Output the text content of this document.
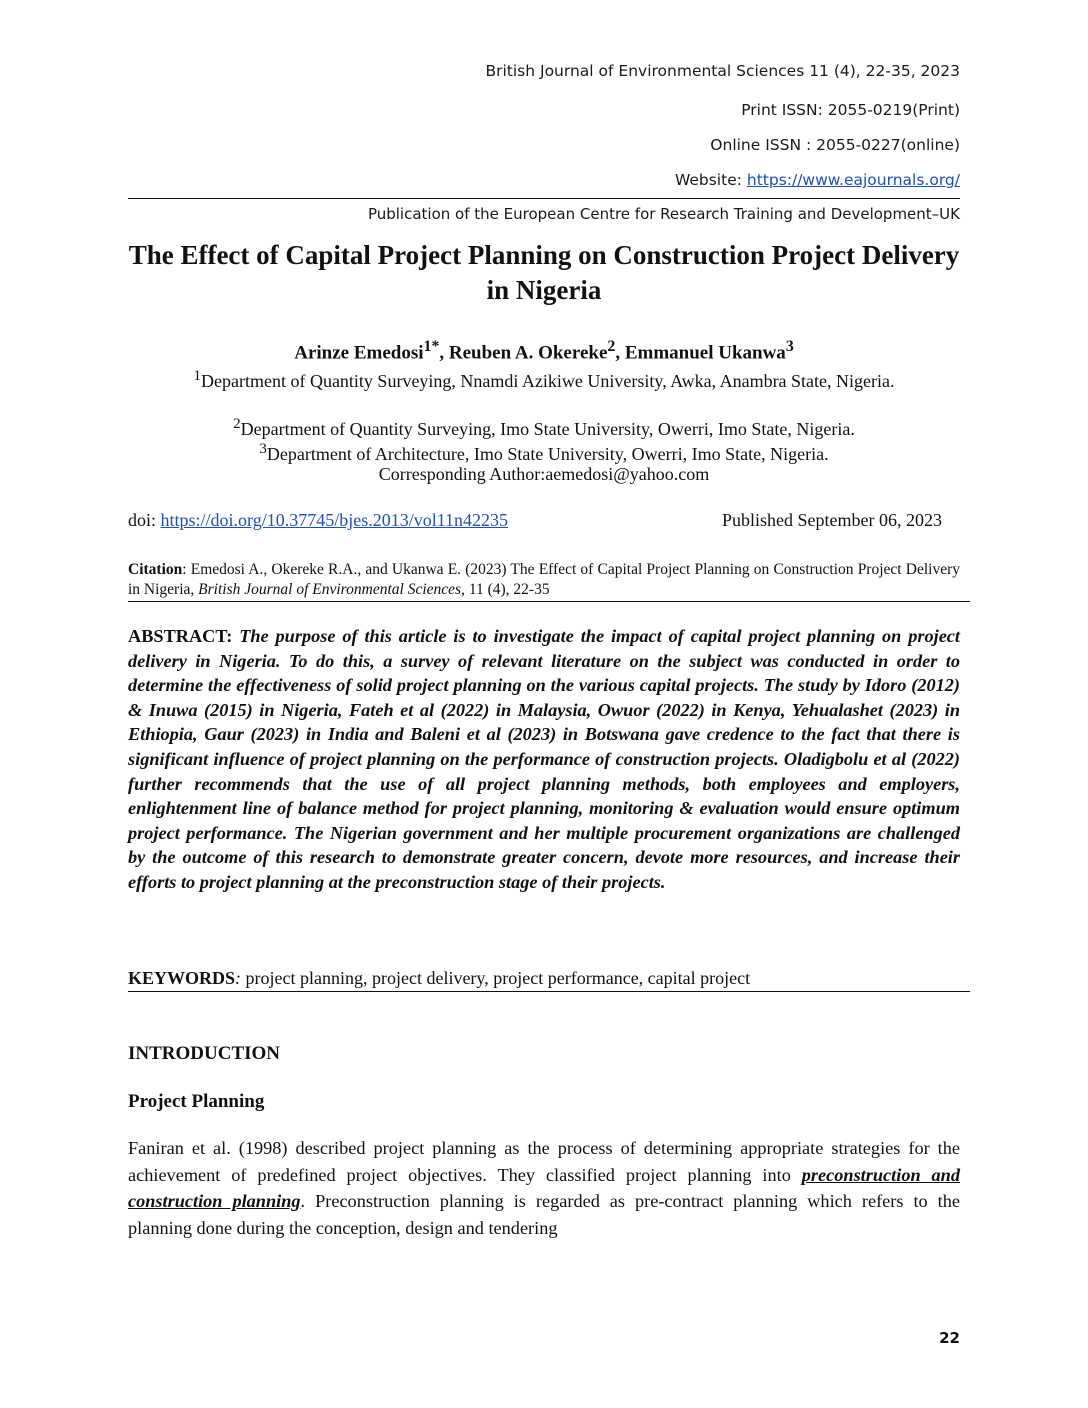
British Journal of Environmental Sciences 11 (4), 22-35, 2023
Print ISSN: 2055-0219(Print)
Online ISSN : 2055-0227(online)
Website: https://www.eajournals.org/
Publication of the European Centre for Research Training and Development–UK
The Effect of Capital Project Planning on Construction Project Delivery in Nigeria
Arinze Emedosi$^{1*}$, Reuben A. Okereke$^2$, Emmanuel Ukanwa$^3$
$^1$Department of Quantity Surveying, Nnamdi Azikiwe University, Awka, Anambra State, Nigeria.
$^2$Department of Quantity Surveying, Imo State University, Owerri, Imo State, Nigeria.
$^3$Department of Architecture, Imo State University, Owerri, Imo State, Nigeria.
Corresponding Author:aemedosi@yahoo.com
doi: https://doi.org/10.37745/bjes.2013/vol11n42235	Published September 06, 2023
Citation: Emedosi A., Okereke R.A., and Ukanwa E. (2023) The Effect of Capital Project Planning on Construction Project Delivery in Nigeria, British Journal of Environmental Sciences, 11 (4), 22-35
ABSTRACT: The purpose of this article is to investigate the impact of capital project planning on project delivery in Nigeria. To do this, a survey of relevant literature on the subject was conducted in order to determine the effectiveness of solid project planning on the various capital projects. The study by Idoro (2012) & Inuwa (2015) in Nigeria, Fateh et al (2022) in Malaysia, Owuor (2022) in Kenya, Yehualashet (2023) in Ethiopia, Gaur (2023) in India and Baleni et al (2023) in Botswana gave credence to the fact that there is significant influence of project planning on the performance of construction projects. Oladigbolu et al (2022) further recommends that the use of all project planning methods, both employees and employers, enlightenment line of balance method for project planning, monitoring & evaluation would ensure optimum project performance. The Nigerian government and her multiple procurement organizations are challenged by the outcome of this research to demonstrate greater concern, devote more resources, and increase their efforts to project planning at the preconstruction stage of their projects.
KEYWORDS: project planning, project delivery, project performance, capital project
INTRODUCTION
Project Planning
Faniran et al. (1998) described project planning as the process of determining appropriate strategies for the achievement of predefined project objectives. They classified project planning into preconstruction and construction planning. Preconstruction planning is regarded as pre-contract planning which refers to the planning done during the conception, design and tendering
22
